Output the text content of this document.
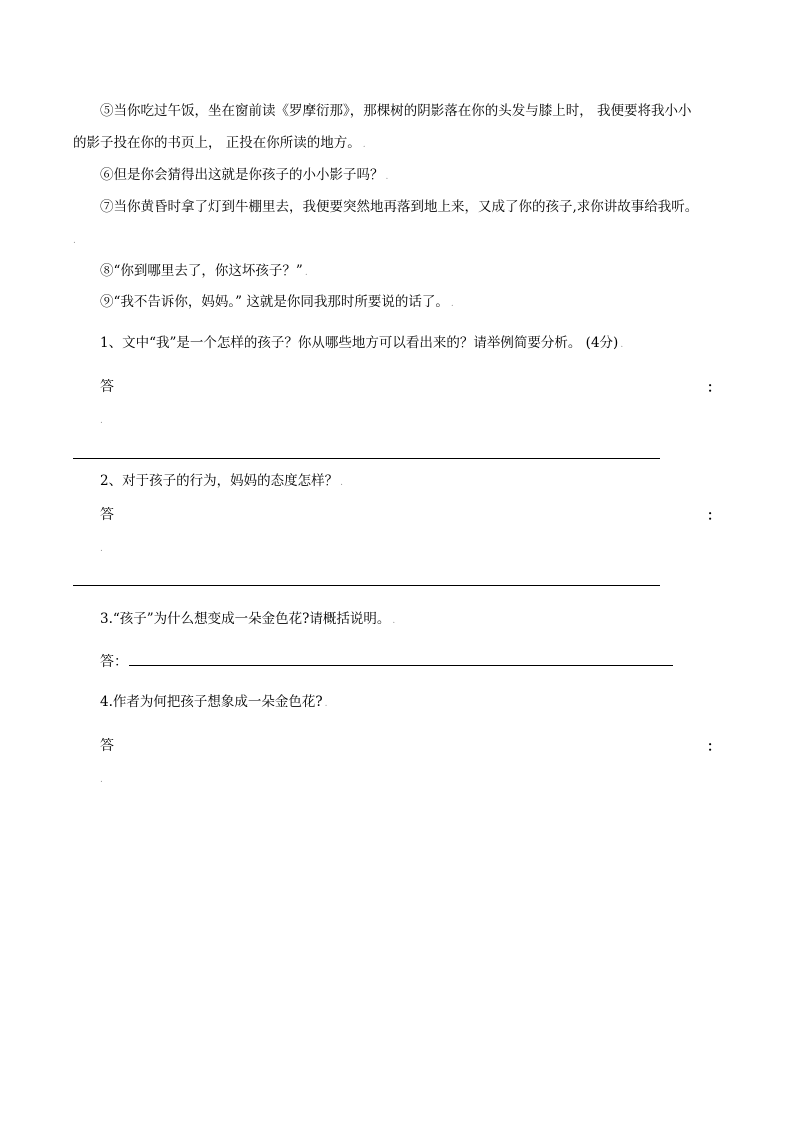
⑤当你吃过午饭，坐在窗前读《罗摩衍那》，那棵树的阴影落在你的头发与膝上时， 我便要将我小小
的影子投在你的书页上， 正投在你所读的地方。 .
⑥但是你会猜得出这就是你孩子的小小影子吗？ .
⑦当你黄昏时拿了灯到牛棚里去，我便要突然地再落到地上来，又成了你的孩子,求你讲故事给我听。
.
⑧“你到哪里去了，你这坏孩子？” .
⑨“我不告诉你，妈妈。” 这就是你同我那时所要说的话了。 .
1、文中“我”是一个怎样的孩子？你从哪些地方可以看出来的？请举例简要分析。 (4分) .
答	：
.
2、对于孩子的行为，妈妈的态度怎样？ .
答	：
.
3.“孩子”为什么想变成一朵金色花?请概括说明。 .
答：
4.作者为何把孩子想象成一朵金色花? .
答	：
.
